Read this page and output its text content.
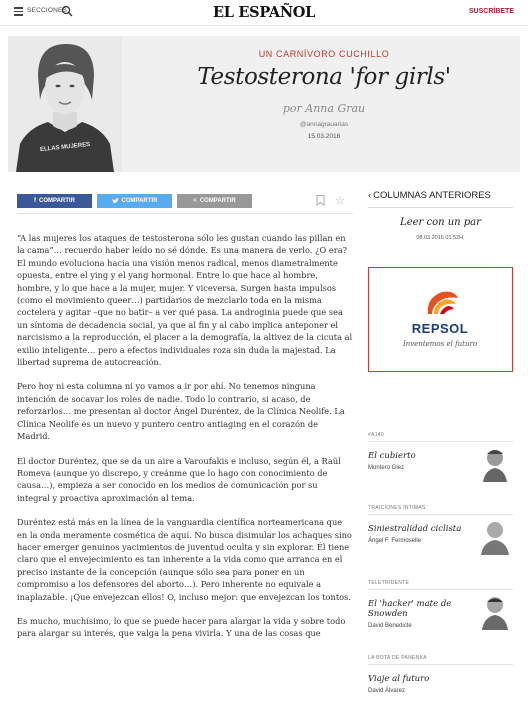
SECCIONES	EL ESPAÑOL	SUSCRÍBETE
ELLAS MUJERES
UN CARNÍVORO CUCHILLO
Testosterona 'for girls'
por Anna Grau
@annagrauarias
15.03.2016
f COMPARTIR	COMPARTIR	< COMPARTIR	☆

“A las mujeres los ataques de testosterona sólo les gustan cuando las pillan en la cama”… recuerdo haber leído no sé dónde. Es una manera de verlo. ¿O era? El mundo evoluciona hacia una visión menos radical, menos diametralmente opuesta, entre el ying y el yang hormonal. Entre lo que hace al hombre, hombre, y lo que hace a la mujer, mujer. Y viceversa. Surgen hasta impulsos (como el movimiento queer…) partidarios de mezclarlo toda en la misma coctelera y agitar –que no batir– a ver qué pasa. La androginia puede que sea un síntoma de decadencia social, ya que al fin y al cabo implica anteponer el narcisismo a la reproducción, el placer a la demografía, la altivez de la cicuta al exilio inteligente… pero a efectos individuales roza sin duda la majestad. La libertad suprema de autocreación.

Pero hoy ni esta columna ni yo vamos a ir por ahí. No tenemos ninguna intención de socavar los roles de nadie. Todo lo contrario, si acaso, de reforzarlos… me presentan al doctor Ángel Duréntez, de la Clínica Neolife. La Clínica Neolife es un nuevo y puntero centro antiaging en el corazón de Madrid.

El doctor Duréntez, que se da un aire a Varoufakis e incluso, según él, a Raül Romeva (aunque yo discrepo, y creánme que lo hago con conocimiento de causa…), empieza a ser conocido en los medios de comunicación por su integral y proactiva aproximación al tema.

Duréntez está más en la línea de la vanguardia científica norteamericana que en la onda meramente cosmética de aquí. No busca disimular los achaques sino hacer emerger genuinos yacimientos de juventud oculta y sin explorar. Él tiene claro que el envejecimiento es tan inherente a la vida como que arranca en el preciso instante de la concepción (aunque sólo sea para poner en un compromiso a los defensores del aborto…). Pero inherente no equivale a inaplazable. ¡Que envejezcan ellos! O, incluso mejor: que envejezcan los tontos.

Es mucho, muchísimo, lo que se puede hacer para alargar la vida y sobre todo para alargar su interés, que valga la pena vivirla. Y una de las cosas que

‹ COLUMNAS ANTERIORES
Leer con un par
08.03.2016 01:52H.
REPSOL
Inventemos el futuro
#A140
El cubierto
Montero Glez
TRAICIONES ÍNTIMAS
Siniestralidad ciclista
Ángel F. Fermoselle
TELETRIDENTE
El 'hacker' mate de Snowden
David Benedicte
LA BOTA DE PANENKA
Viaje al futuro
David Álvarez
